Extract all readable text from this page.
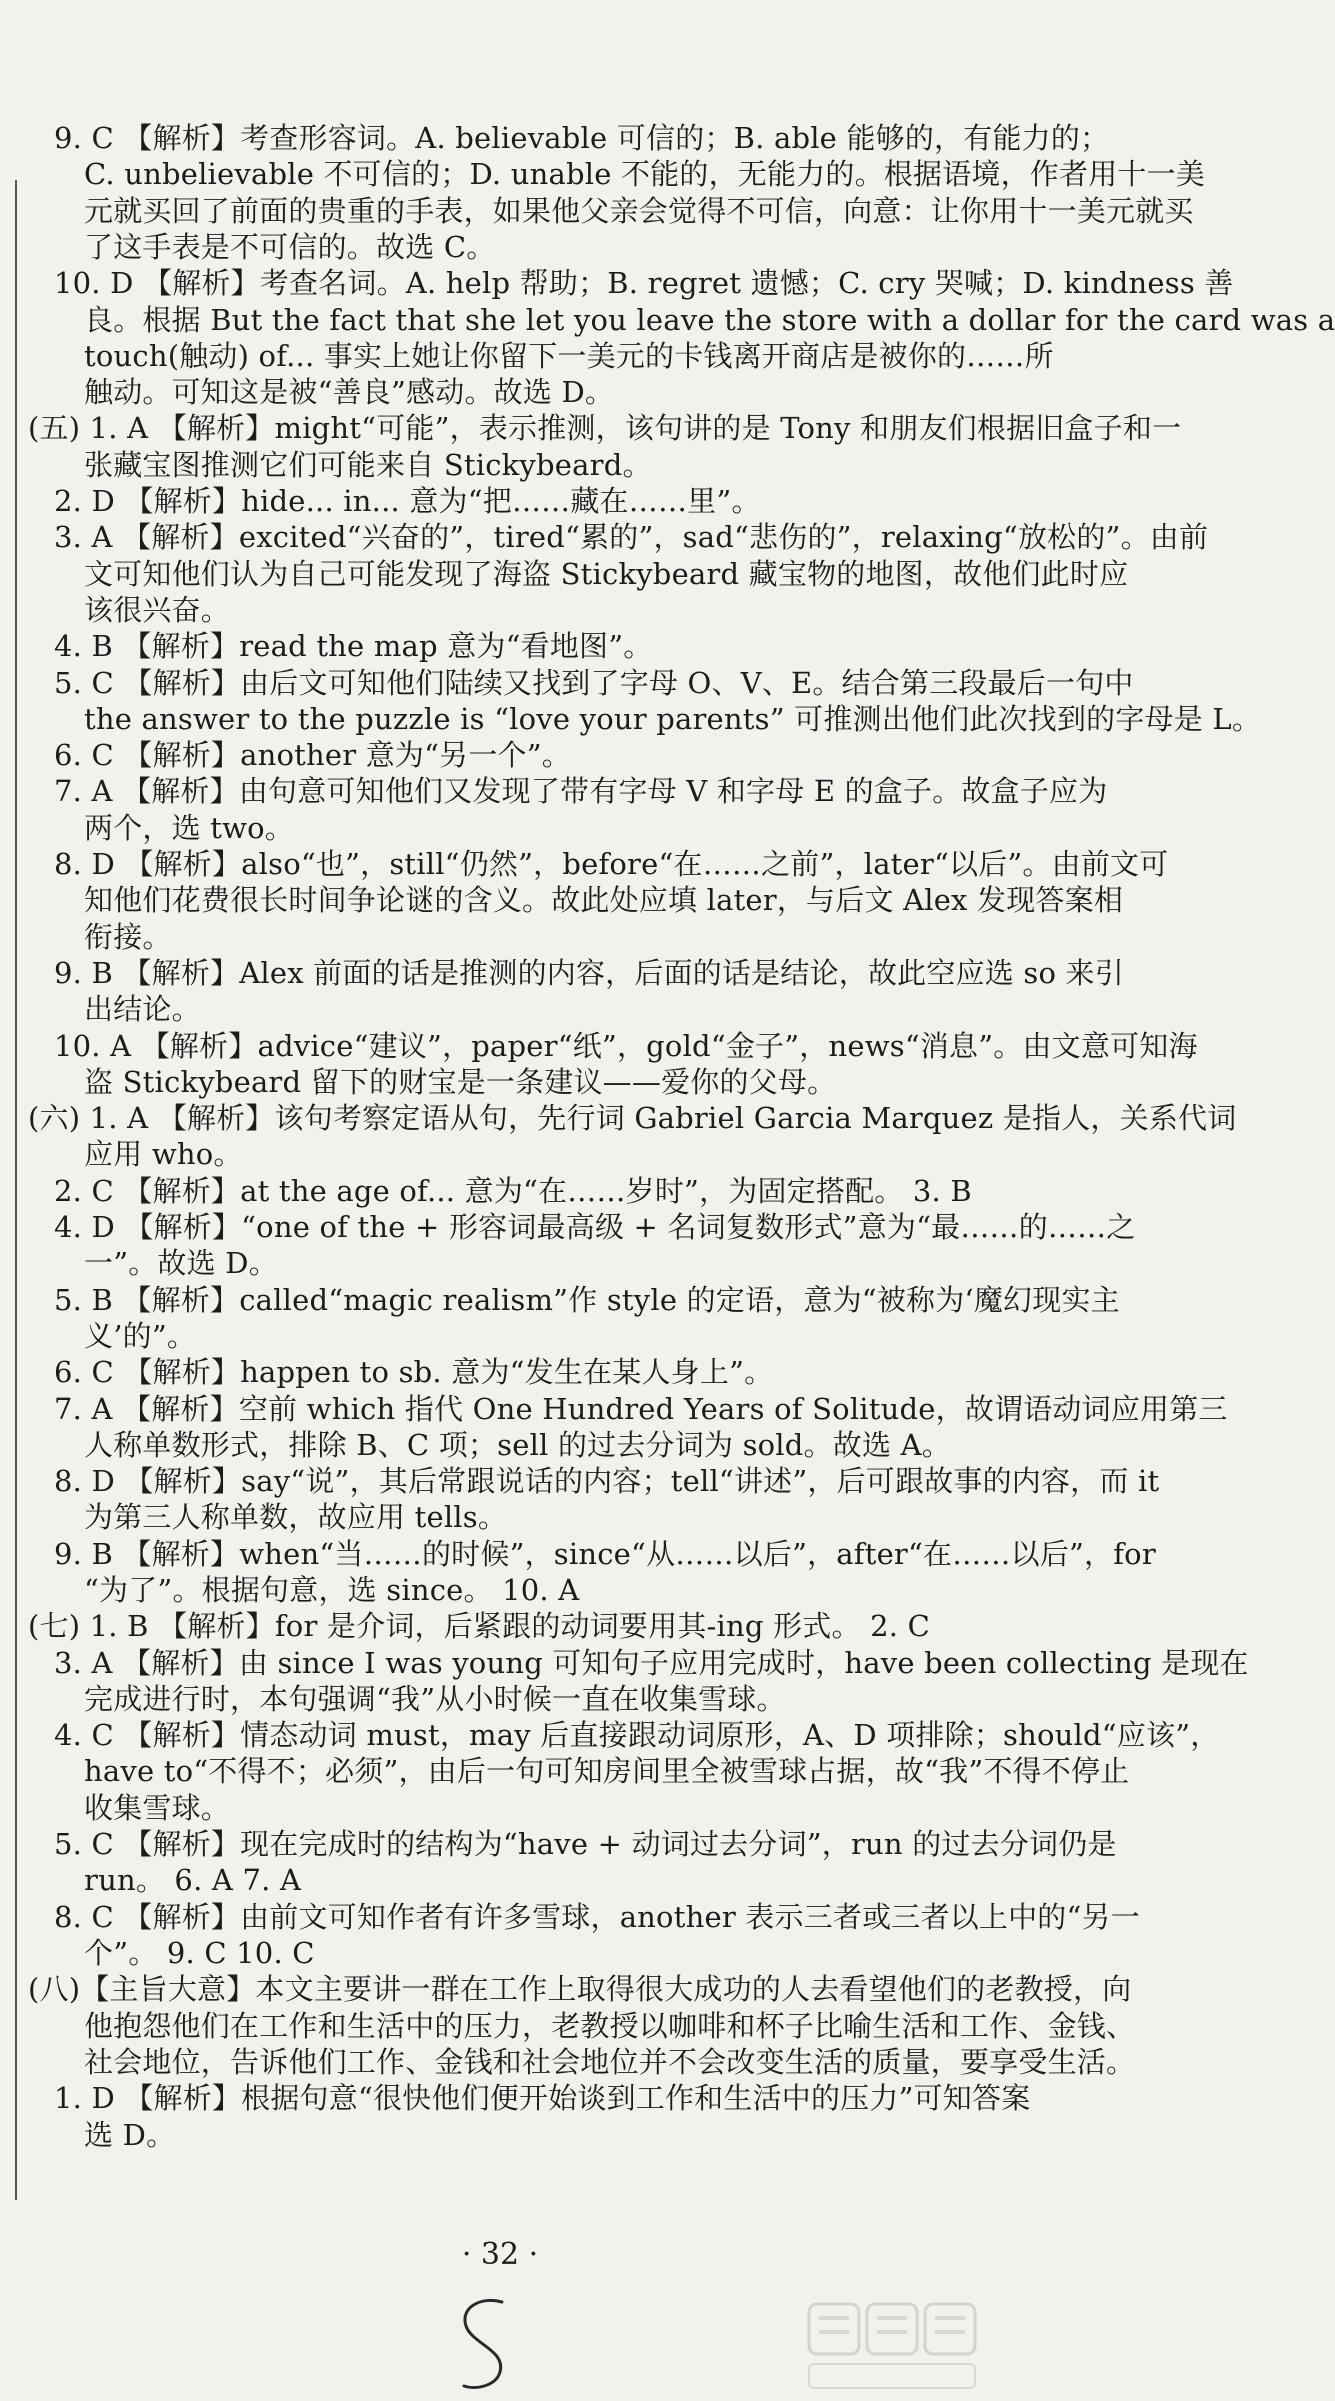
9. C 【解析】考查形容词。A. believable 可信的；B. able 能够的，有能力的；
C. unbelievable 不可信的；D. unable 不能的，无能力的。根据语境，作者用十一美
元就买回了前面的贵重的手表，如果他父亲会觉得不可信，向意：让你用十一美元就买
了这手表是不可信的。故选 C。
10. D 【解析】考查名词。A. help 帮助；B. regret 遗憾；C. cry 哭喊；D. kindness 善
良。根据 But the fact that she let you leave the store with a dollar for the card was a
touch(触动) of... 事实上她让你留下一美元的卡钱离开商店是被你的……所
触动。可知这是被“善良”感动。故选 D。
(五) 1. A 【解析】might“可能”，表示推测，该句讲的是 Tony 和朋友们根据旧盒子和一
张藏宝图推测它们可能来自 Stickybeard。
2. D 【解析】hide... in... 意为“把……藏在……里”。
3. A 【解析】excited“兴奋的”，tired“累的”，sad“悲伤的”，relaxing“放松的”。由前
文可知他们认为自己可能发现了海盗 Stickybeard 藏宝物的地图，故他们此时应
该很兴奋。
4. B 【解析】read the map 意为“看地图”。
5. C 【解析】由后文可知他们陆续又找到了字母 O、V、E。结合第三段最后一句中
the answer to the puzzle is “love your parents” 可推测出他们此次找到的字母是 L。
6. C 【解析】another 意为“另一个”。
7. A 【解析】由句意可知他们又发现了带有字母 V 和字母 E 的盒子。故盒子应为
两个，选 two。
8. D 【解析】also“也”，still“仍然”，before“在……之前”，later“以后”。由前文可
知他们花费很长时间争论谜的含义。故此处应填 later，与后文 Alex 发现答案相
衔接。
9. B 【解析】Alex 前面的话是推测的内容，后面的话是结论，故此空应选 so 来引
出结论。
10. A 【解析】advice“建议”，paper“纸”，gold“金子”，news“消息”。由文意可知海
盗 Stickybeard 留下的财宝是一条建议——爱你的父母。
(六) 1. A 【解析】该句考察定语从句，先行词 Gabriel Garcia Marquez 是指人，关系代词
应用 who。
2. C 【解析】at the age of... 意为“在……岁时”，为固定搭配。 3. B
4. D 【解析】“one of the + 形容词最高级 + 名词复数形式”意为“最……的……之
一”。故选 D。
5. B 【解析】called“magic realism”作 style 的定语，意为“被称为‘魔幻现实主
义’的”。
6. C 【解析】happen to sb. 意为“发生在某人身上”。
7. A 【解析】空前 which 指代 One Hundred Years of Solitude，故谓语动词应用第三
人称单数形式，排除 B、C 项；sell 的过去分词为 sold。故选 A。
8. D 【解析】say“说”，其后常跟说话的内容；tell“讲述”，后可跟故事的内容，而 it
为第三人称单数，故应用 tells。
9. B 【解析】when“当……的时候”，since“从……以后”，after“在……以后”，for
“为了”。根据句意，选 since。 10. A
(七) 1. B 【解析】for 是介词，后紧跟的动词要用其-ing 形式。 2. C
3. A 【解析】由 since I was young 可知句子应用完成时，have been collecting 是现在
完成进行时，本句强调“我”从小时候一直在收集雪球。
4. C 【解析】情态动词 must，may 后直接跟动词原形，A、D 项排除；should“应该”，
have to“不得不；必须”，由后一句可知房间里全被雪球占据，故“我”不得不停止
收集雪球。
5. C 【解析】现在完成时的结构为“have + 动词过去分词”，run 的过去分词仍是
run。 6. A 7. A
8. C 【解析】由前文可知作者有许多雪球，another 表示三者或三者以上中的“另一
个”。 9. C 10. C
(八)【主旨大意】本文主要讲一群在工作上取得很大成功的人去看望他们的老教授，向
他抱怨他们在工作和生活中的压力，老教授以咖啡和杯子比喻生活和工作、金钱、
社会地位，告诉他们工作、金钱和社会地位并不会改变生活的质量，要享受生活。
1. D 【解析】根据句意“很快他们便开始谈到工作和生活中的压力”可知答案
选 D。
· 32 ·
